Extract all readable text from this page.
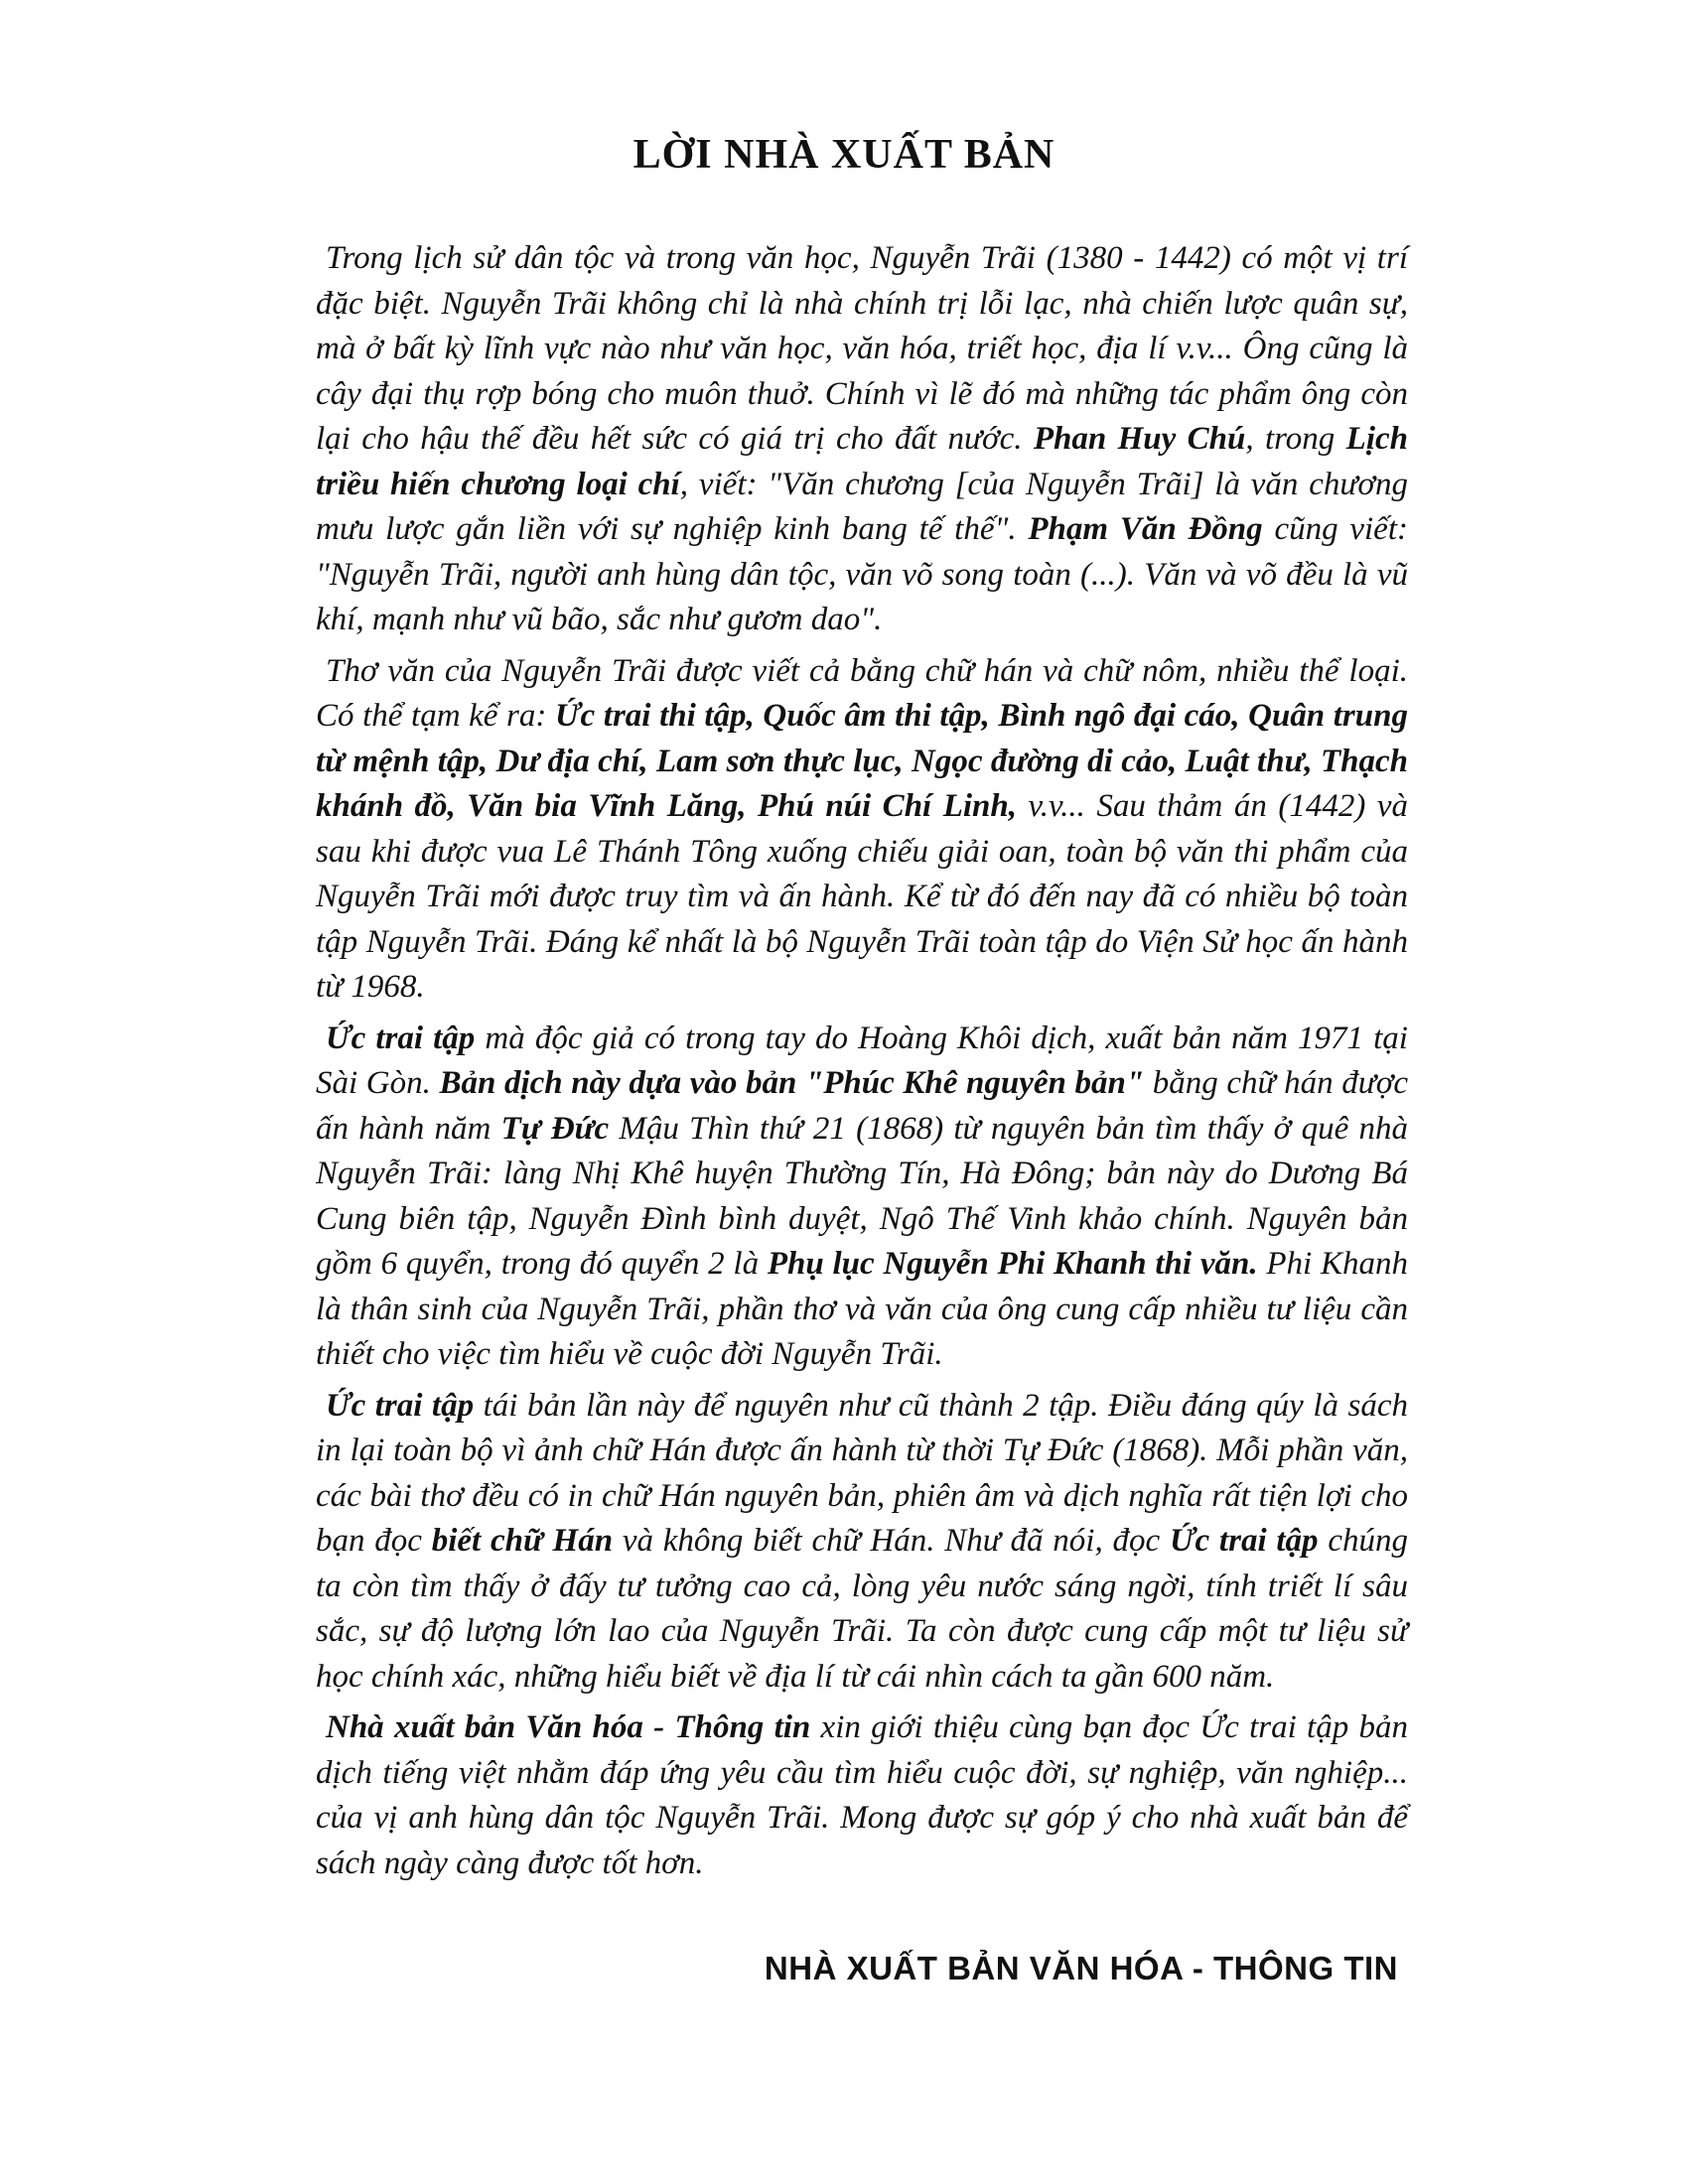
LỜI NHÀ XUẤT BẢN

Trong lịch sử dân tộc và trong văn học, Nguyễn Trãi (1380 - 1442) có một vị trí đặc biệt. Nguyễn Trãi không chỉ là nhà chính trị lỗi lạc, nhà chiến lược quân sự, mà ở bất kỳ lĩnh vực nào như văn học, văn hóa, triết học, địa lí v.v... Ông cũng là cây đại thụ rợp bóng cho muôn thuở. Chính vì lẽ đó mà những tác phẩm ông còn lại cho hậu thế đều hết sức có giá trị cho đất nước. Phan Huy Chú, trong Lịch triều hiến chương loại chí, viết: "Văn chương [của Nguyễn Trãi] là văn chương mưu lược gắn liền với sự nghiệp kinh bang tế thế". Phạm Văn Đồng cũng viết: "Nguyễn Trãi, người anh hùng dân tộc, văn võ song toàn (...). Văn và võ đều là vũ khí, mạnh như vũ bão, sắc như gươm dao".

Thơ văn của Nguyễn Trãi được viết cả bằng chữ hán và chữ nôm, nhiều thể loại. Có thể tạm kể ra: Ức trai thi tập, Quốc âm thi tập, Bình ngô đại cáo, Quân trung từ mệnh tập, Dư địa chí, Lam sơn thực lục, Ngọc đường di cảo, Luật thư, Thạch khánh đồ, Văn bia Vĩnh Lăng, Phú núi Chí Linh, v.v... Sau thảm án (1442) và sau khi được vua Lê Thánh Tông xuống chiếu giải oan, toàn bộ văn thi phẩm của Nguyễn Trãi mới được truy tìm và ấn hành. Kể từ đó đến nay đã có nhiều bộ toàn tập Nguyễn Trãi. Đáng kể nhất là bộ Nguyễn Trãi toàn tập do Viện Sử học ấn hành từ 1968.

Ức trai tập mà độc giả có trong tay do Hoàng Khôi dịch, xuất bản năm 1971 tại Sài Gòn. Bản dịch này dựa vào bản "Phúc Khê nguyên bản" bằng chữ hán được ấn hành năm Tự Đức Mậu Thìn thứ 21 (1868) từ nguyên bản tìm thấy ở quê nhà Nguyễn Trãi: làng Nhị Khê huyện Thường Tín, Hà Đông; bản này do Dương Bá Cung biên tập, Nguyễn Đình bình duyệt, Ngô Thế Vinh khảo chính. Nguyên bản gồm 6 quyển, trong đó quyển 2 là Phụ lục Nguyễn Phi Khanh thi văn. Phi Khanh là thân sinh của Nguyễn Trãi, phần thơ và văn của ông cung cấp nhiều tư liệu cần thiết cho việc tìm hiểu về cuộc đời Nguyễn Trãi.

Ức trai tập tái bản lần này để nguyên như cũ thành 2 tập. Điều đáng qúy là sách in lại toàn bộ vì ảnh chữ Hán được ấn hành từ thời Tự Đức (1868). Mỗi phần văn, các bài thơ đều có in chữ Hán nguyên bản, phiên âm và dịch nghĩa rất tiện lợi cho bạn đọc biết chữ Hán và không biết chữ Hán. Như đã nói, đọc Ức trai tập chúng ta còn tìm thấy ở đấy tư tưởng cao cả, lòng yêu nước sáng ngời, tính triết lí sâu sắc, sự độ lượng lớn lao của Nguyễn Trãi. Ta còn được cung cấp một tư liệu sử học chính xác, những hiểu biết về địa lí từ cái nhìn cách ta gần 600 năm.

Nhà xuất bản Văn hóa - Thông tin xin giới thiệu cùng bạn đọc Ức trai tập bản dịch tiếng việt nhằm đáp ứng yêu cầu tìm hiểu cuộc đời, sự nghiệp, văn nghiệp... của vị anh hùng dân tộc Nguyễn Trãi. Mong được sự góp ý cho nhà xuất bản để sách ngày càng được tốt hơn.

NHÀ XUẤT BẢN VĂN HÓA - THÔNG TIN
